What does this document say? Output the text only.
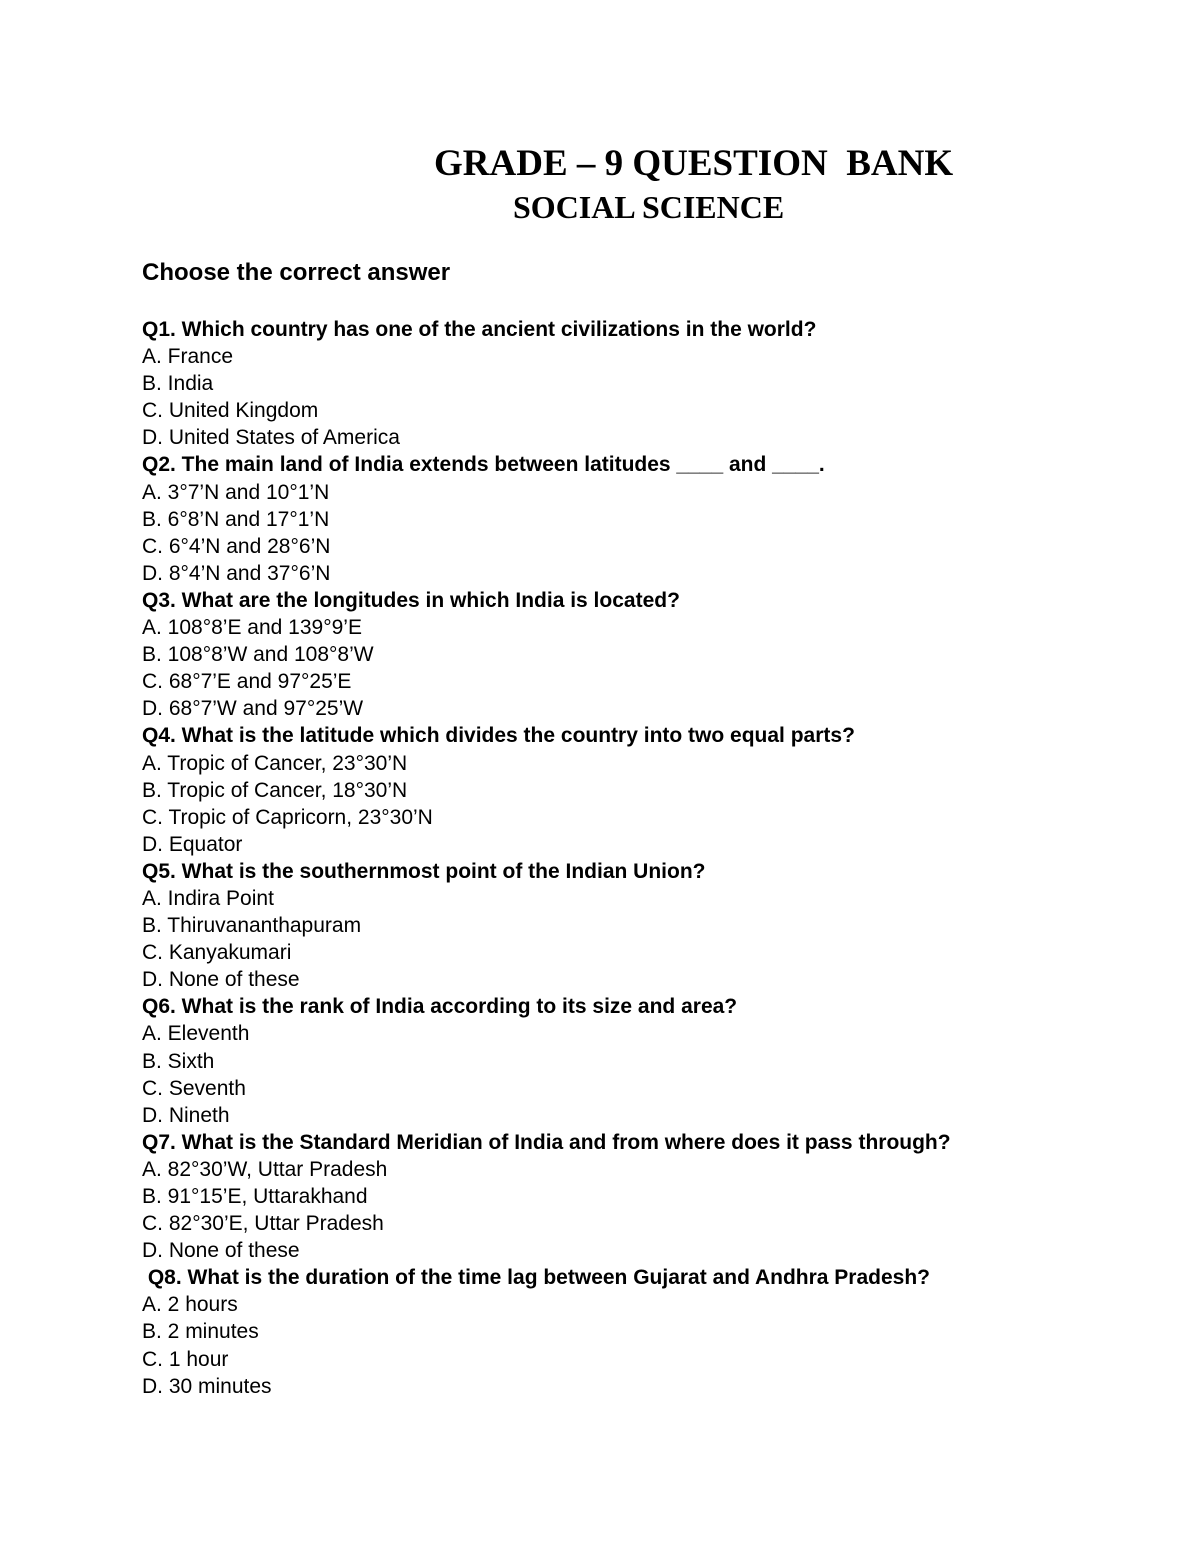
GRADE – 9 QUESTION  BANK
SOCIAL SCIENCE
Choose the correct answer
Q1. Which country has one of the ancient civilizations in the world?
A. France
B. India
C. United Kingdom
D. United States of America
Q2. The main land of India extends between latitudes ____ and ____.
A. 3°7’N and 10°1’N
B. 6°8’N and 17°1’N
C. 6°4’N and 28°6’N
D. 8°4’N and 37°6’N
Q3. What are the longitudes in which India is located?
A. 108°8’E and 139°9’E
B. 108°8’W and 108°8’W
C. 68°7’E and 97°25’E
D. 68°7’W and 97°25’W
Q4. What is the latitude which divides the country into two equal parts?
A. Tropic of Cancer, 23°30’N
B. Tropic of Cancer, 18°30’N
C. Tropic of Capricorn, 23°30’N
D. Equator
Q5. What is the southernmost point of the Indian Union?
A. Indira Point
B. Thiruvananthapuram
C. Kanyakumari
D. None of these
Q6. What is the rank of India according to its size and area?
A. Eleventh
B. Sixth
C. Seventh
D. Nineth
Q7. What is the Standard Meridian of India and from where does it pass through?
A. 82°30’W, Uttar Pradesh
B. 91°15’E, Uttarakhand
C. 82°30’E, Uttar Pradesh
D. None of these
Q8. What is the duration of the time lag between Gujarat and Andhra Pradesh?
A. 2 hours
B. 2 minutes
C. 1 hour
D. 30 minutes
